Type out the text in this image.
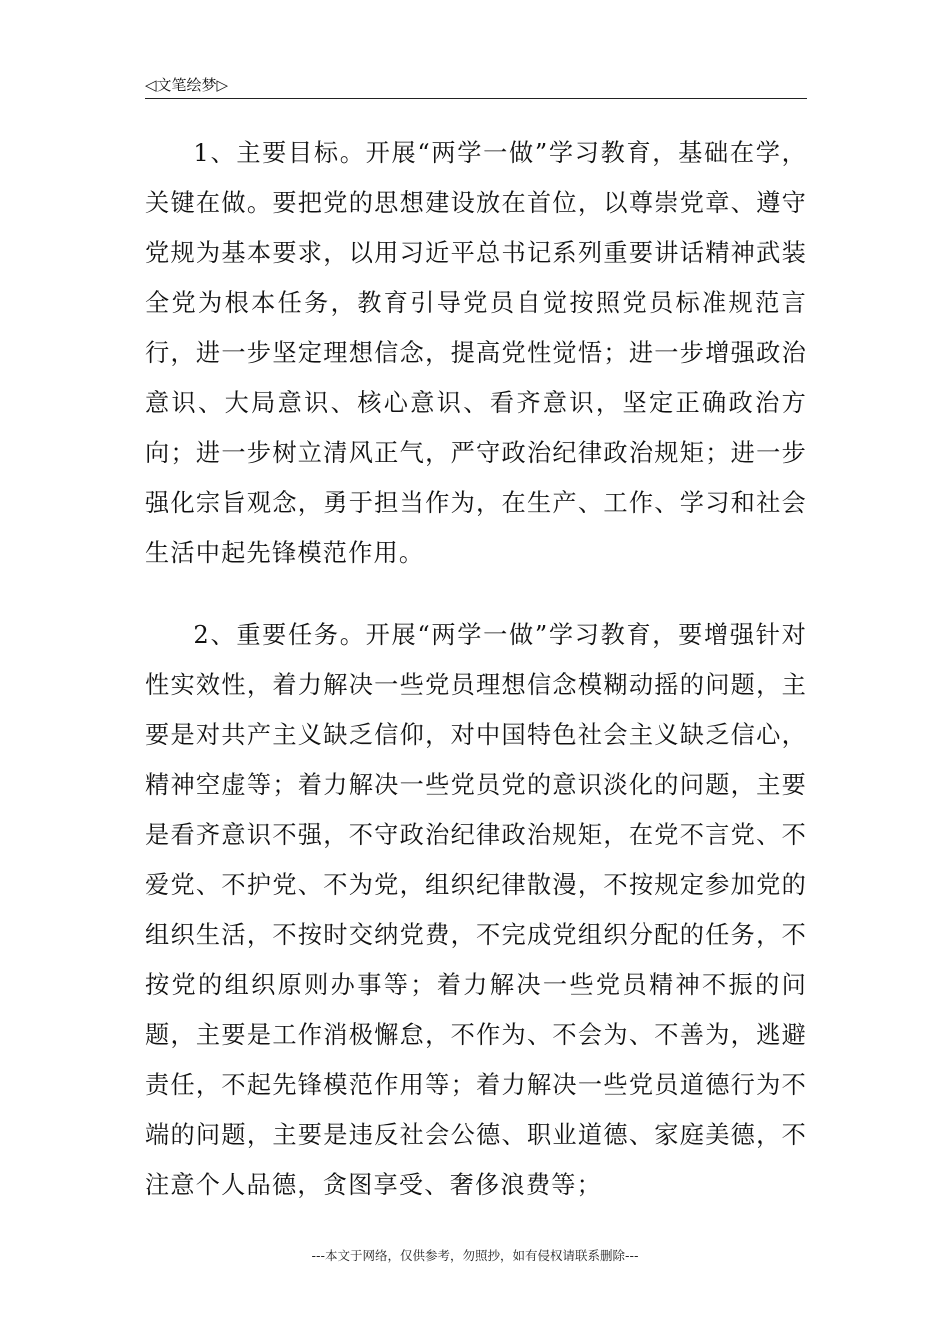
◁文笔绘梦▷

1、主要目标。开展“两学一做”学习教育，基础在学，关键在做。要把党的思想建设放在首位，以尊崇党章、遵守党规为基本要求，以用习近平总书记系列重要讲话精神武装全党为根本任务，教育引导党员自觉按照党员标准规范言行，进一步坚定理想信念，提高党性觉悟；进一步增强政治意识、大局意识、核心意识、看齐意识，坚定正确政治方向；进一步树立清风正气，严守政治纪律政治规矩；进一步强化宗旨观念，勇于担当作为，在生产、工作、学习和社会生活中起先锋模范作用。

2、重要任务。开展“两学一做”学习教育，要增强针对性实效性，着力解决一些党员理想信念模糊动摇的问题，主要是对共产主义缺乏信仰，对中国特色社会主义缺乏信心，精神空虚等；着力解决一些党员党的意识淡化的问题，主要是看齐意识不强，不守政治纪律政治规矩，在党不言党、不爱党、不护党、不为党，组织纪律散漫，不按规定参加党的组织生活，不按时交纳党费，不完成党组织分配的任务，不按党的组织原则办事等；着力解决一些党员精神不振的问题，主要是工作消极懈怠，不作为、不会为、不善为，逃避责任，不起先锋模范作用等；着力解决一些党员道德行为不端的问题，主要是违反社会公德、职业道德、家庭美德，不注意个人品德，贪图享受、奢侈浪费等；

---本文于网络，仅供参考，勿照抄，如有侵权请联系删除---
